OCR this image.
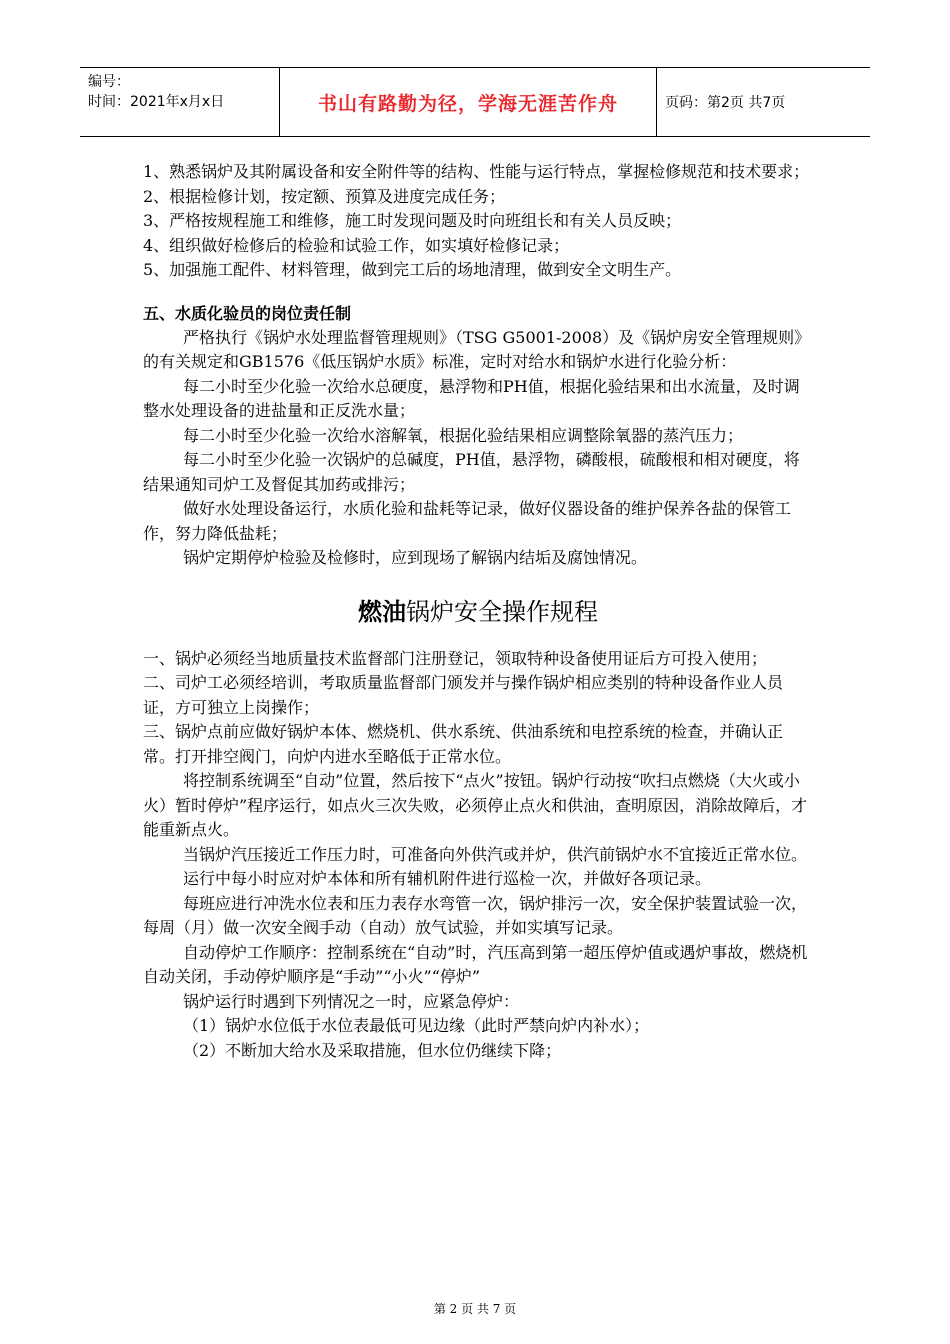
编号：
时间：2021年x月x日	书山有路勤为径，学海无涯苦作舟	页码：第2页 共7页

1、熟悉锅炉及其附属设备和安全附件等的结构、性能与运行特点，掌握检修规范和技术要求；

2、根据检修计划，按定额、预算及进度完成任务；

3、严格按规程施工和维修，施工时发现问题及时向班组长和有关人员反映；

4、组织做好检修后的检验和试验工作，如实填好检修记录；

5、加强施工配件、材料管理，做到完工后的场地清理，做到安全文明生产。

五、水质化验员的岗位责任制

严格执行《锅炉水处理监督管理规则》（TSG G5001-2008）及《锅炉房安全管理规则》的有关规定和GB1576《低压锅炉水质》标准，定时对给水和锅炉水进行化验分析：

每二小时至少化验一次给水总硬度，悬浮物和PH值，根据化验结果和出水流量，及时调整水处理设备的进盐量和正反洗水量；

每二小时至少化验一次给水溶解氧，根据化验结果相应调整除氧器的蒸汽压力；

每二小时至少化验一次锅炉的总碱度，PH值，悬浮物，磷酸根，硫酸根和相对硬度，将结果通知司炉工及督促其加药或排污；

做好水处理设备运行，水质化验和盐耗等记录，做好仪器设备的维护保养各盐的保管工作，努力降低盐耗；

锅炉定期停炉检验及检修时，应到现场了解锅内结垢及腐蚀情况。

燃油锅炉安全操作规程

一、锅炉必须经当地质量技术监督部门注册登记，领取特种设备使用证后方可投入使用；

二、司炉工必须经培训，考取质量监督部门颁发并与操作锅炉相应类别的特种设备作业人员证，方可独立上岗操作；

三、锅炉点前应做好锅炉本体、燃烧机、供水系统、供油系统和电控系统的检查，并确认正常。打开排空阀门，向炉内进水至略低于正常水位。

将控制系统调至“自动”位置，然后按下“点火”按钮。锅炉行动按“吹扫点燃烧（大火或小火）暂时停炉”程序运行，如点火三次失败，必须停止点火和供油，查明原因，消除故障后，才能重新点火。

当锅炉汽压接近工作压力时，可准备向外供汽或并炉，供汽前锅炉水不宜接近正常水位。

运行中每小时应对炉本体和所有辅机附件进行巡检一次，并做好各项记录。

每班应进行冲洗水位表和压力表存水弯管一次，锅炉排污一次，安全保护装置试验一次，每周（月）做一次安全阀手动（自动）放气试验，并如实填写记录。

自动停炉工作顺序：控制系统在“自动”时，汽压高到第一超压停炉值或遇炉事故，燃烧机自动关闭，手动停炉顺序是“手动”“小火”“停炉”

锅炉运行时遇到下列情况之一时，应紧急停炉：

（1）锅炉水位低于水位表最低可见边缘（此时严禁向炉内补水）；

（2）不断加大给水及采取措施，但水位仍继续下降；

第 2 页 共 7 页
